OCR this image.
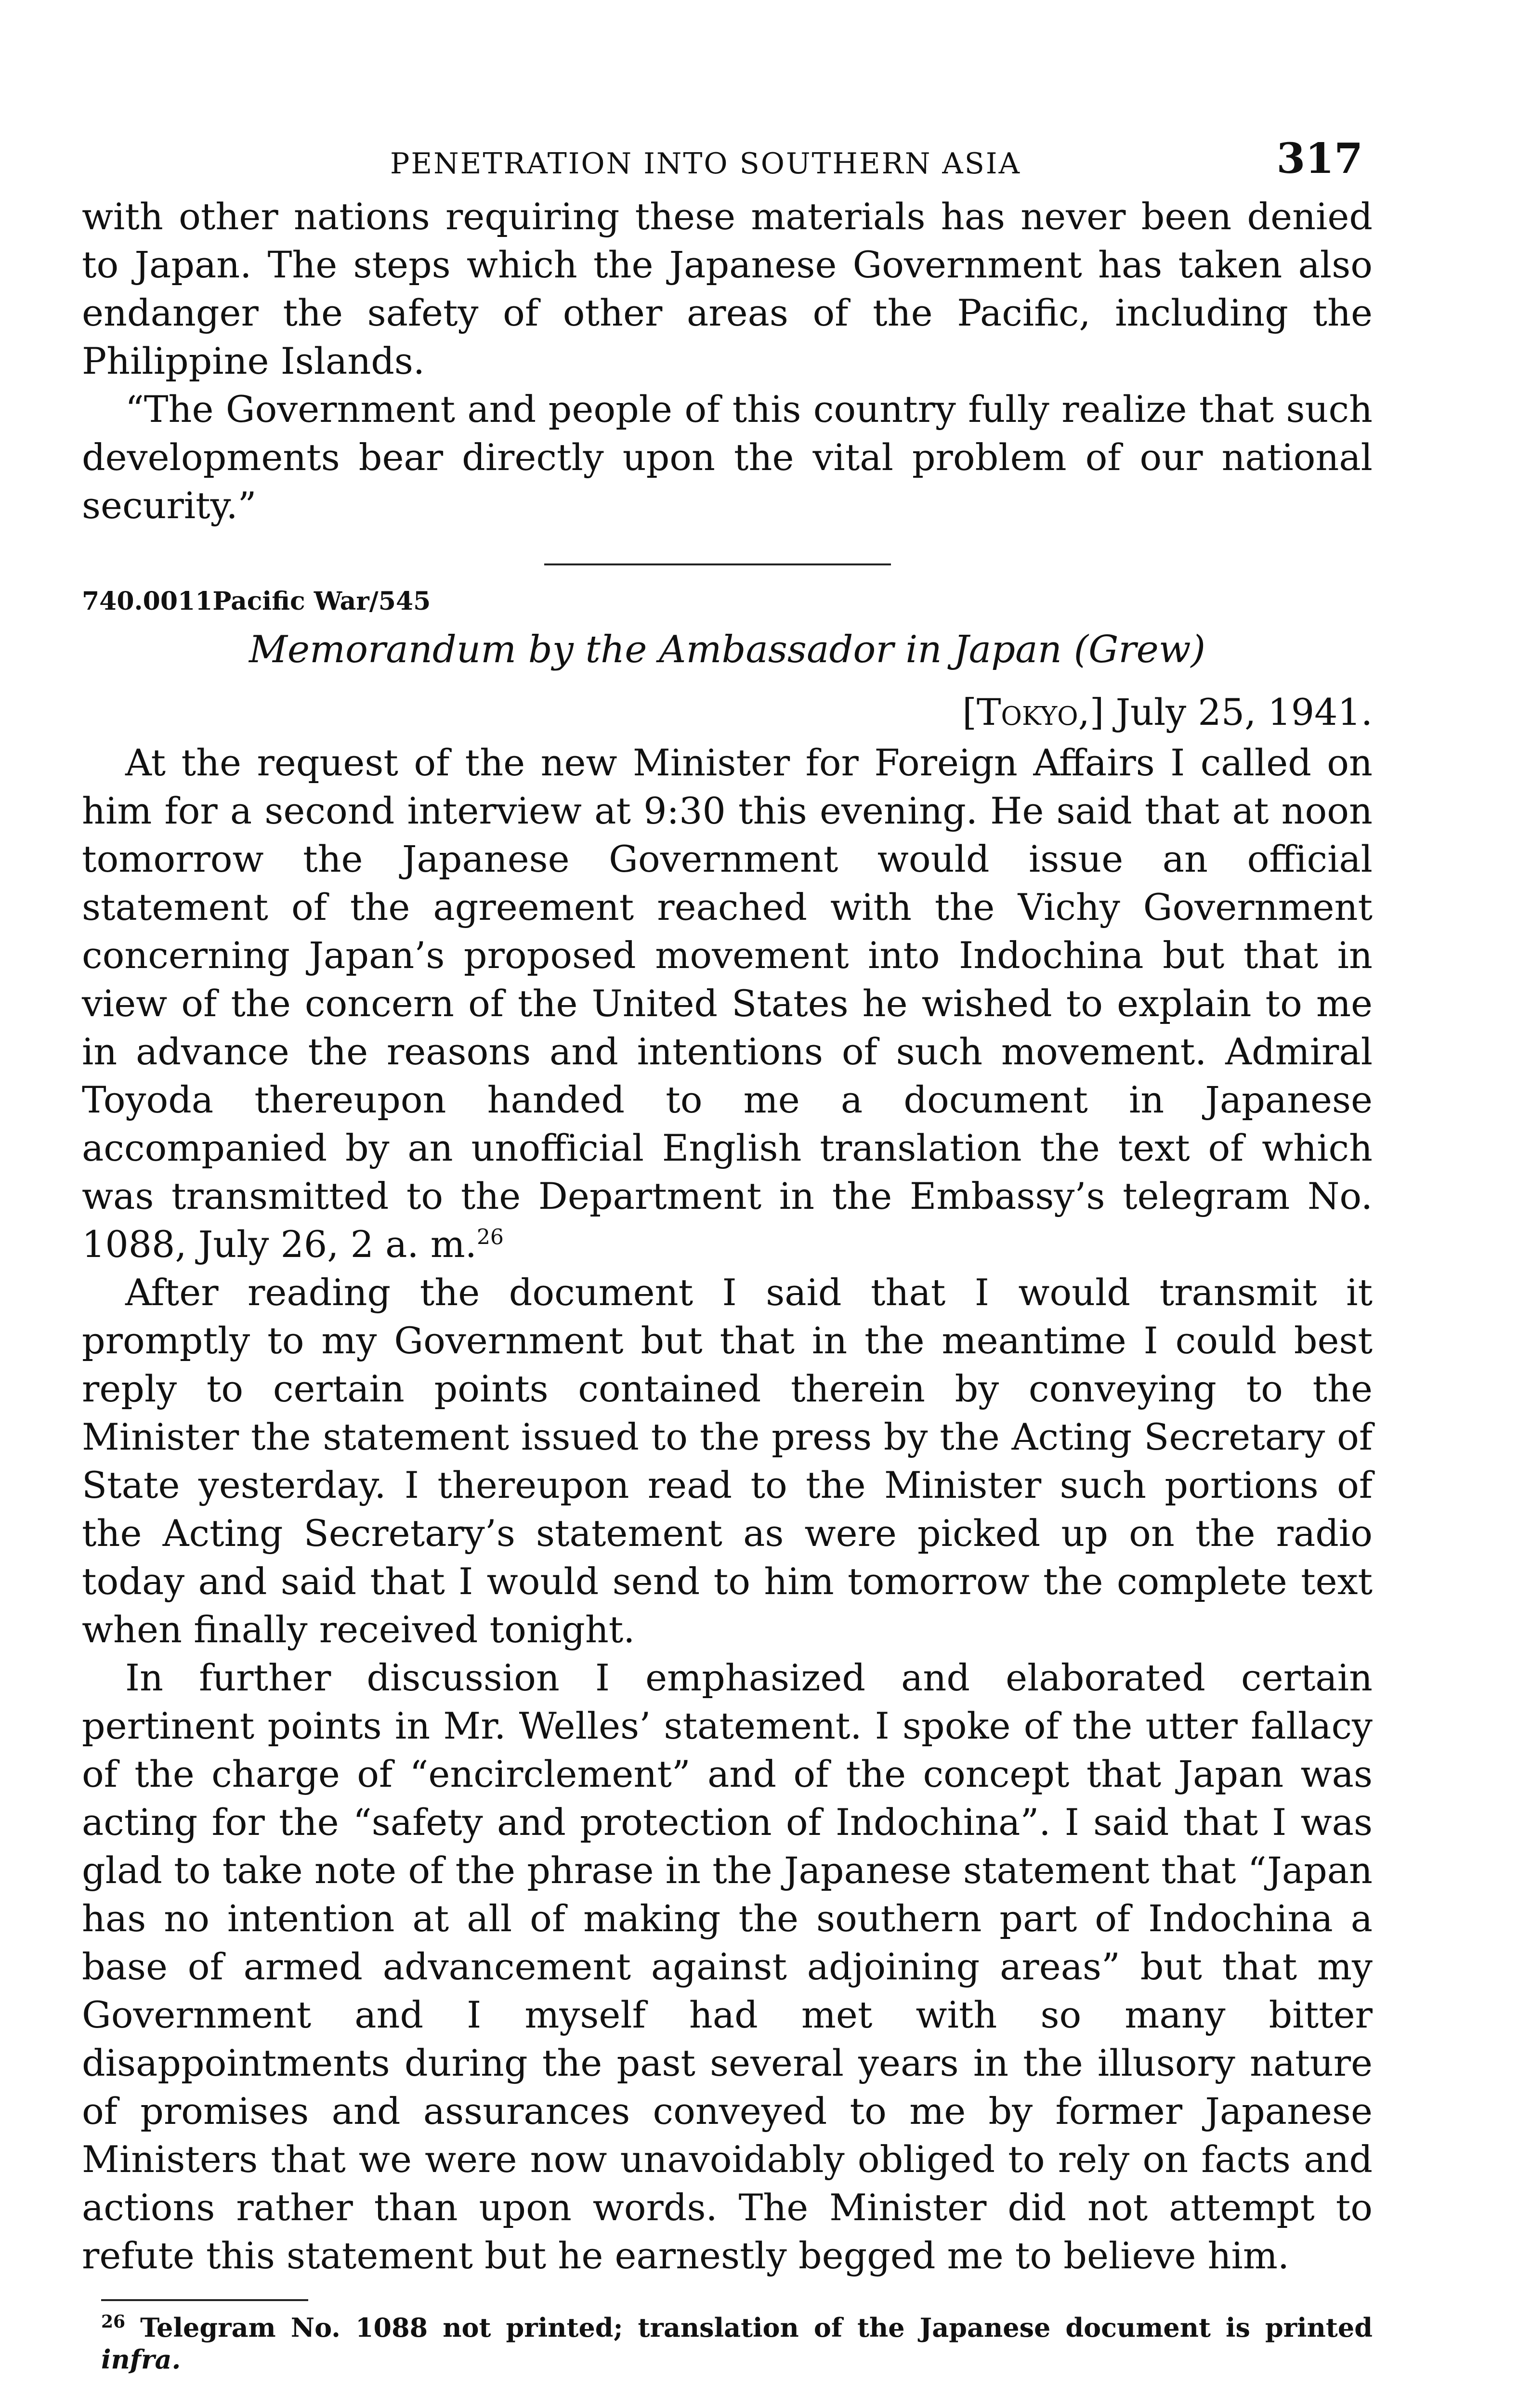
PENETRATION INTO SOUTHERN ASIA	317

with other nations requiring these materials has never been denied to Japan. The steps which the Japanese Government has taken also endanger the safety of other areas of the Pacific, including the Philippine Islands.

“The Government and people of this country fully realize that such developments bear directly upon the vital problem of our national security.”

740.0011Pacific War/545
Memorandum by the Ambassador in Japan (Grew)
[Tokyo,] July 25, 1941.

At the request of the new Minister for Foreign Affairs I called on him for a second interview at 9:30 this evening. He said that at noon tomorrow the Japanese Government would issue an official statement of the agreement reached with the Vichy Government concerning Japan’s proposed movement into Indochina but that in view of the concern of the United States he wished to explain to me in advance the reasons and intentions of such movement. Admiral Toyoda thereupon handed to me a document in Japanese accompanied by an unofficial English translation the text of which was transmitted to the Department in the Embassy’s telegram No. 1088, July 26, 2 a. m.$^{26}$

After reading the document I said that I would transmit it promptly to my Government but that in the meantime I could best reply to certain points contained therein by conveying to the Minister the statement issued to the press by the Acting Secretary of State yesterday. I thereupon read to the Minister such portions of the Acting Secretary’s statement as were picked up on the radio today and said that I would send to him tomorrow the complete text when finally received tonight.

In further discussion I emphasized and elaborated certain pertinent points in Mr. Welles’ statement. I spoke of the utter fallacy of the charge of “encirclement” and of the concept that Japan was acting for the “safety and protection of Indochina”. I said that I was glad to take note of the phrase in the Japanese statement that “Japan has no intention at all of making the southern part of Indochina a base of armed advancement against adjoining areas” but that my Government and I myself had met with so many bitter disappointments during the past several years in the illusory nature of promises and assurances conveyed to me by former Japanese Ministers that we were now unavoidably obliged to rely on facts and actions rather than upon words. The Minister did not attempt to refute this statement but he earnestly begged me to believe him.

$^{26}$ Telegram No. 1088 not printed; translation of the Japanese document is printed infra.
